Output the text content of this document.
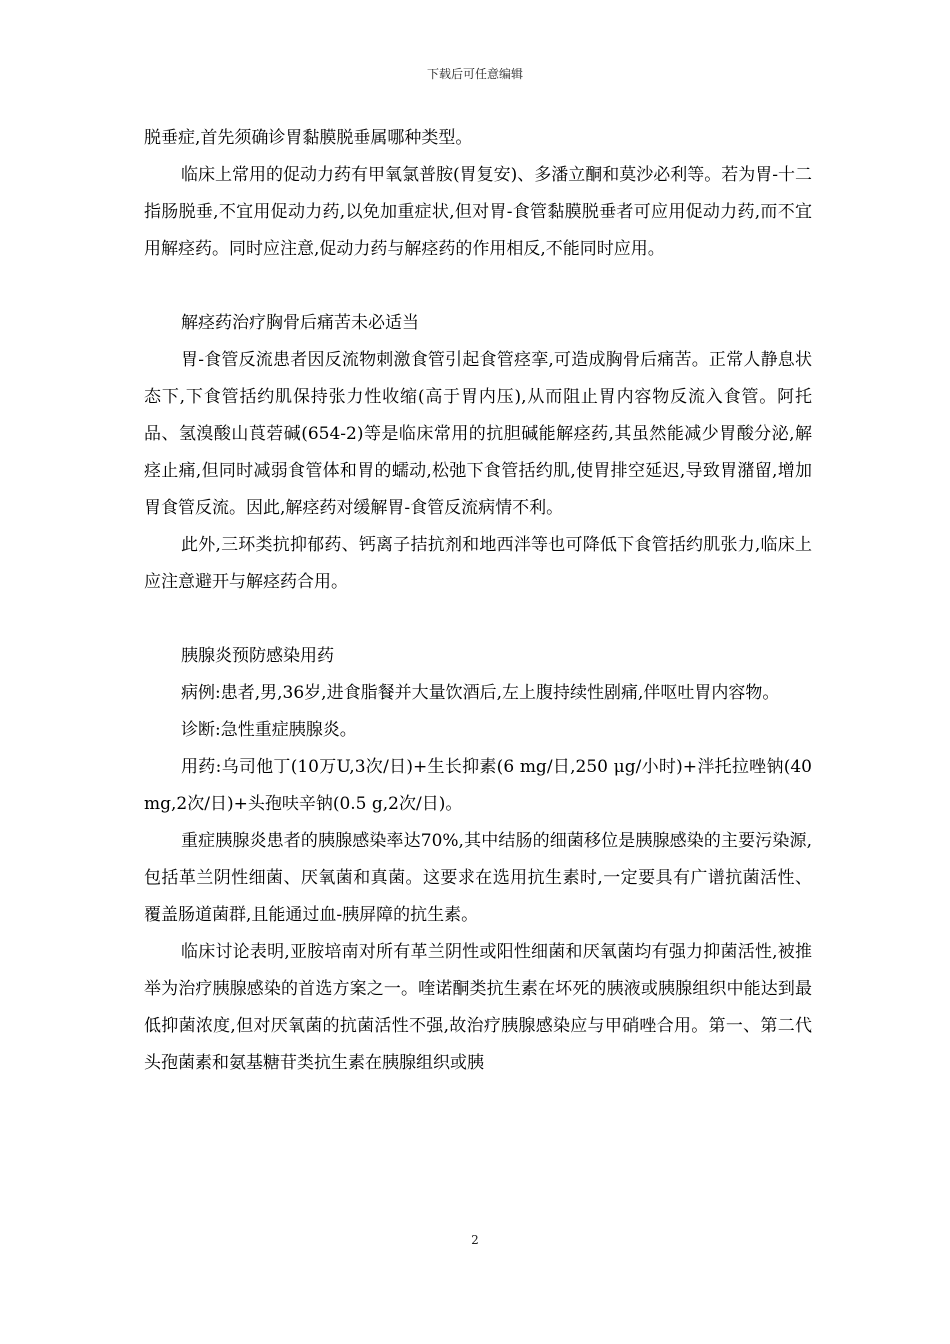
下载后可任意编辑

脱垂症,首先须确诊胃黏膜脱垂属哪种类型。

临床上常用的促动力药有甲氧氯普胺(胃复安)、多潘立酮和莫沙必利等。若为胃-十二指肠脱垂,不宜用促动力药,以免加重症状,但对胃-食管黏膜脱垂者可应用促动力药,而不宜用解痉药。同时应注意,促动力药与解痉药的作用相反,不能同时应用。

解痉药治疗胸骨后痛苦未必适当

胃-食管反流患者因反流物刺激食管引起食管痉挛,可造成胸骨后痛苦。正常人静息状态下,下食管括约肌保持张力性收缩(高于胃内压),从而阻止胃内容物反流入食管。阿托品、氢溴酸山莨菪碱(654-2)等是临床常用的抗胆碱能解痉药,其虽然能减少胃酸分泌,解痉止痛,但同时减弱食管体和胃的蠕动,松弛下食管括约肌,使胃排空延迟,导致胃潴留,增加胃食管反流。因此,解痉药对缓解胃-食管反流病情不利。

此外,三环类抗抑郁药、钙离子拮抗剂和地西泮等也可降低下食管括约肌张力,临床上应注意避开与解痉药合用。

胰腺炎预防感染用药

病例:患者,男,36岁,进食脂餐并大量饮酒后,左上腹持续性剧痛,伴呕吐胃内容物。

诊断:急性重症胰腺炎。

用药:乌司他丁(10万U,3次/日)+生长抑素(6 mg/日,250 μg/小时)+泮托拉唑钠(40 mg,2次/日)+头孢呋辛钠(0.5 g,2次/日)。

重症胰腺炎患者的胰腺感染率达70%,其中结肠的细菌移位是胰腺感染的主要污染源,包括革兰阴性细菌、厌氧菌和真菌。这要求在选用抗生素时,一定要具有广谱抗菌活性、覆盖肠道菌群,且能通过血-胰屏障的抗生素。

临床讨论表明,亚胺培南对所有革兰阴性或阳性细菌和厌氧菌均有强力抑菌活性,被推举为治疗胰腺感染的首选方案之一。喹诺酮类抗生素在坏死的胰液或胰腺组织中能达到最低抑菌浓度,但对厌氧菌的抗菌活性不强,故治疗胰腺感染应与甲硝唑合用。第一、第二代头孢菌素和氨基糖苷类抗生素在胰腺组织或胰

2
